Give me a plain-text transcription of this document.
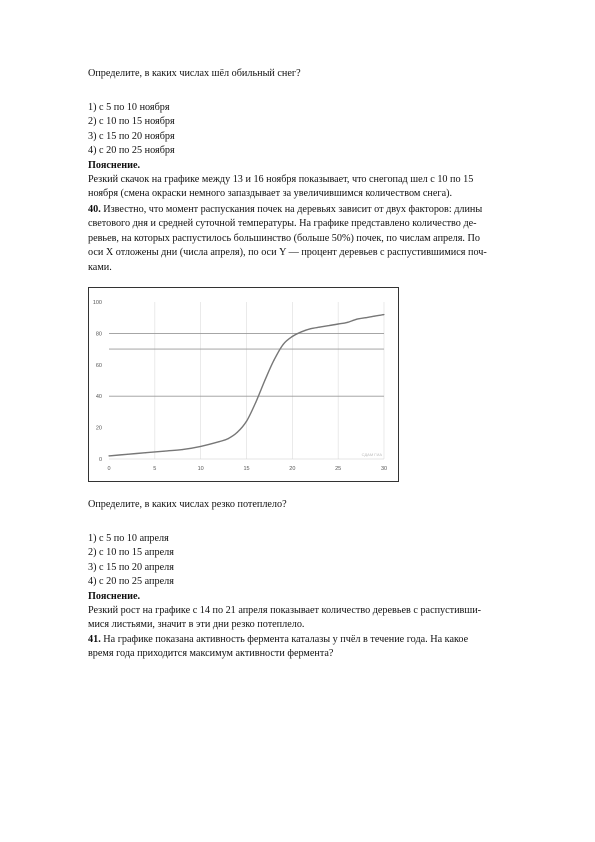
Определите, в каких числах шёл обильный снег?

1) с 5 по 10 ноября
2) с 10 по 15 ноября
3) с 15 по 20 ноября
4) с 20 по 25 ноября
Пояснение.
Резкий скачок на графике между 13 и 16 ноября показывает, что снегопад шел с 10 по 15
ноября (смена окраски немного запаздывает за увеличившимся количеством снега).

40. Известно, что момент распускания почек на деревьях зависит от двух факторов: длины
светового дня и средней суточной температуры. На графике представлено количество де-
ревьев, на которых распустилось большинство (больше 50%) почек, по числам апреля. По
оси X отложены дни (числа апреля), по оси Y — процент деревьев с распустившимися поч-
ками.

0
20
40
60
80
100
0	5	10	15	20	25	30
СДАМ ГИА

Определите, в каких числах резко потеплело?

1) с 5 по 10 апреля
2) с 10 по 15 апреля
3) с 15 по 20 апреля
4) с 20 по 25 апреля
Пояснение.
Резкий рост на графике с 14 по 21 апреля показывает количество деревьев с распустивши-
мися листьями, значит в эти дни резко потеплело.

41. На графике показана активность фермента каталазы у пчёл в течение года. На какое
время года приходится максимум активности фермента?
